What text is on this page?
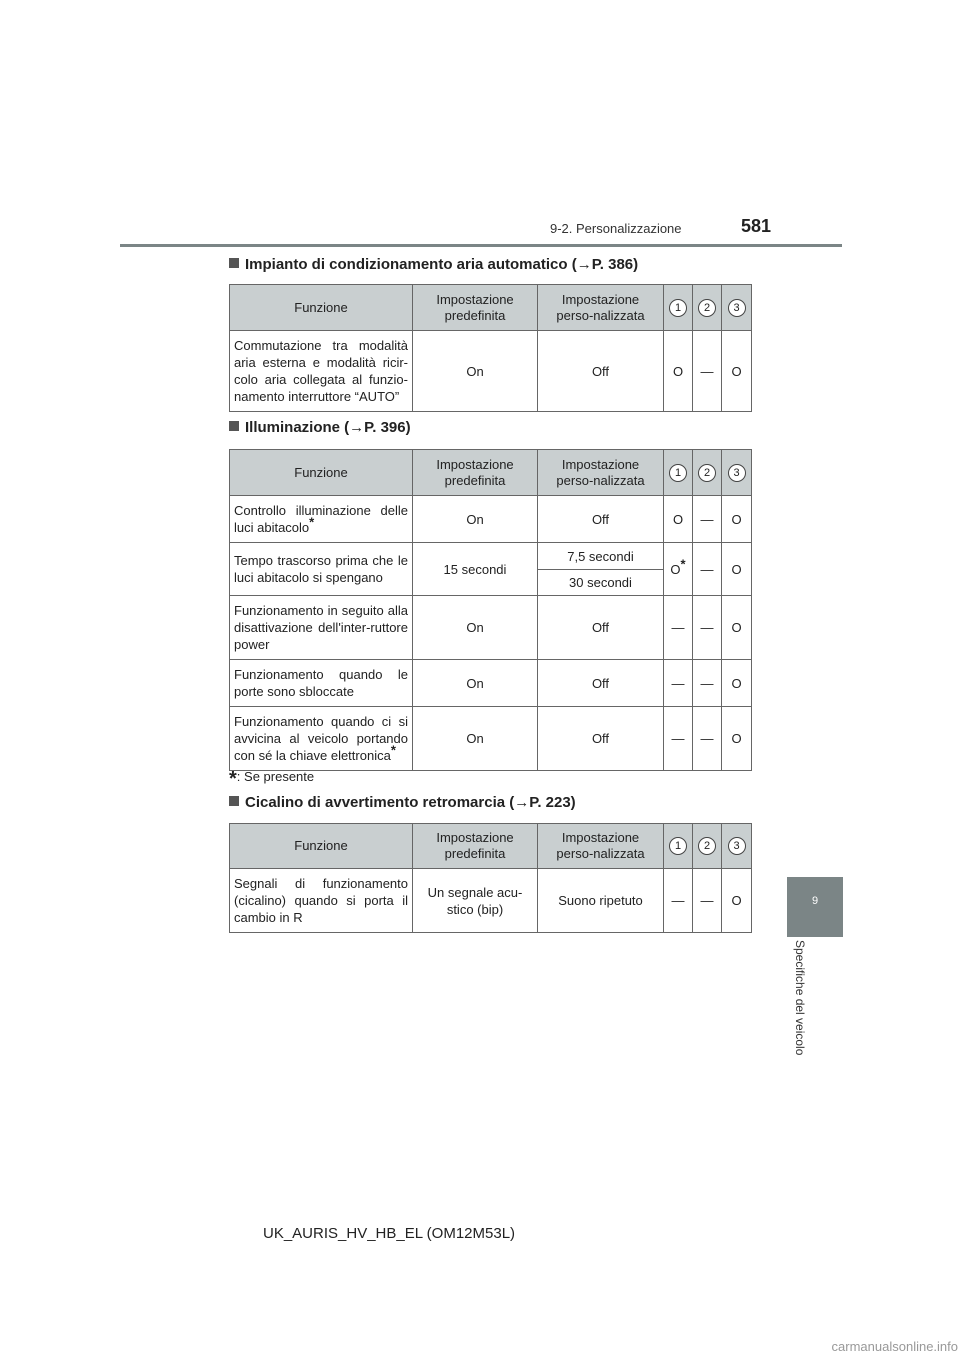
9-2. Personalizzazione	581
9
Specifiche del veicolo
Impianto di condizionamento aria automatico (→P. 386)
Funzione	Impostazione predefinita	Impostazione perso-nalizzata	1	2	3
Commutazione tra modalità aria esterna e modalità ricir-colo aria collegata al funzio-namento interruttore “AUTO”	On	Off	O	—	O
Illuminazione (→P. 396)
Funzione	Impostazione predefinita	Impostazione perso-nalizzata	1	2	3
Controllo illuminazione delle luci abitacolo*	On	Off	O	—	O
Tempo trascorso prima che le luci abitacolo si spengano	15 secondi	7,5 secondi	O*	—	O
		30 secondi			
Funzionamento in seguito alla disattivazione dell'inter-ruttore power	On	Off	—	—	O
Funzionamento quando le porte sono sbloccate	On	Off	—	—	O
Funzionamento quando ci si avvicina al veicolo portando con sé la chiave elettronica*	On	Off	—	—	O
*: Se presente
Cicalino di avvertimento retromarcia (→P. 223)
Funzione	Impostazione predefinita	Impostazione perso-nalizzata	1	2	3
Segnali di funzionamento (cicalino) quando si porta il cambio in R	Un segnale acu-stico (bip)	Suono ripetuto	—	—	O
UK_AURIS_HV_HB_EL (OM12M53L)
carmanualsonline.info
